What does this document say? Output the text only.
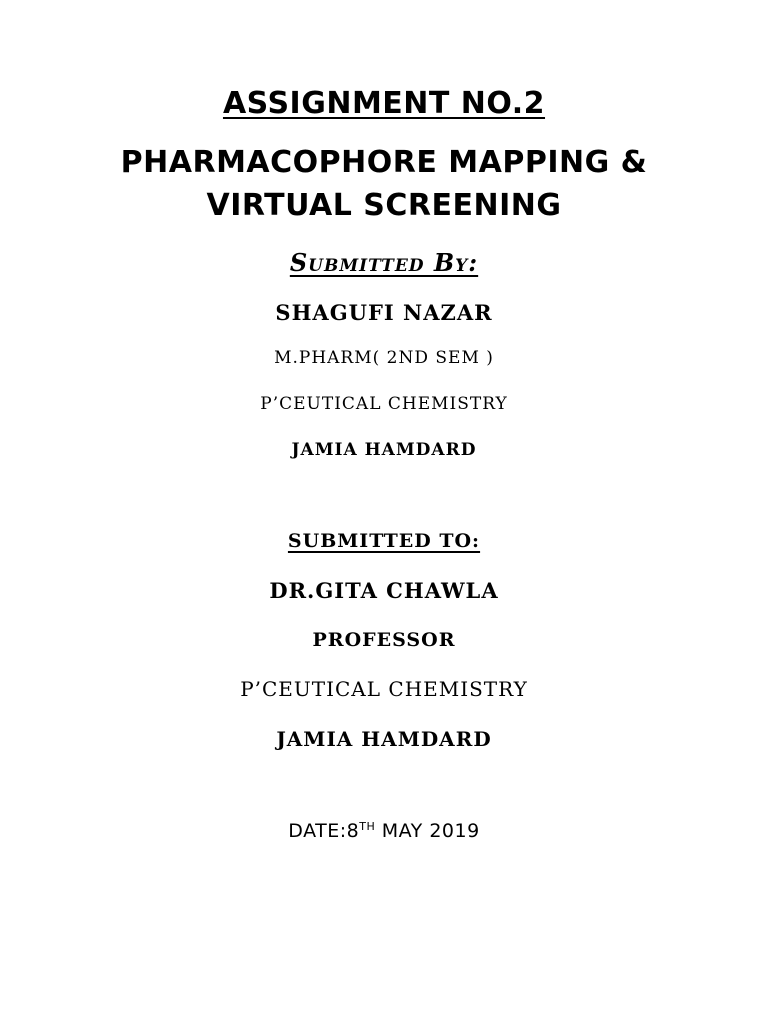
ASSIGNMENT NO.2
PHARMACOPHORE MAPPING &
VIRTUAL SCREENING
Submitted By:
SHAGUFI NAZAR
M.PHARM( 2ND SEM )
P’CEUTICAL CHEMISTRY
JAMIA HAMDARD
SUBMITTED TO:
DR.GITA CHAWLA
PROFESSOR
P’CEUTICAL CHEMISTRY
JAMIA HAMDARD
DATE:8TH MAY 2019
